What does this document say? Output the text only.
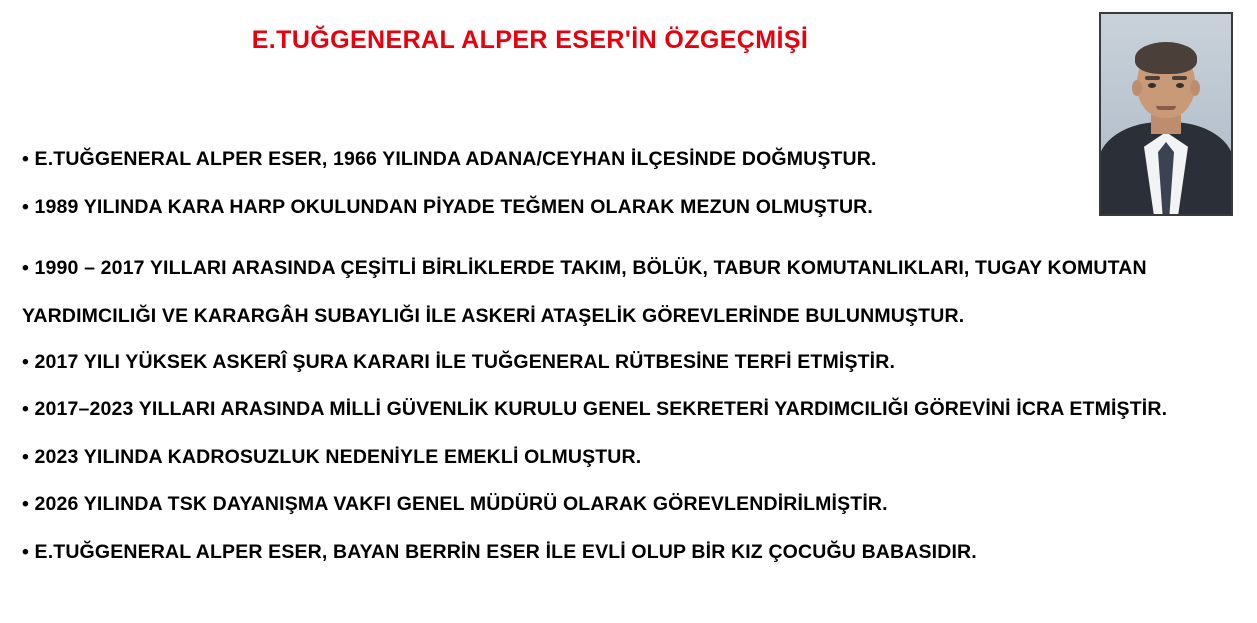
E.TUĞGENERAL ALPER ESER'İN ÖZGEÇMİŞİ
• E.TUĞGENERAL ALPER ESER, 1966 YILINDA ADANA/CEYHAN İLÇESİNDE DOĞMUŞTUR.
• 1989 YILINDA KARA HARP OKULUNDAN PİYADE TEĞMEN OLARAK MEZUN OLMUŞTUR.
• 1990 – 2017 YILLARI ARASINDA ÇEŞİTLİ BİRLİKLERDE TAKIM, BÖLÜK, TABUR KOMUTANLIKLARI, TUGAY KOMUTAN YARDIMCILIĞI VE KARARGÂH SUBAYLIĞI İLE ASKERİ ATAŞELİK GÖREVLERİNDE BULUNMUŞTUR.
• 2017 YILI YÜKSEK ASKERÎ ŞURA KARARI İLE TUĞGENERAL RÜTBESİNE TERFİ ETMİŞTİR.
• 2017–2023 YILLARI ARASINDA MİLLİ GÜVENLİK KURULU GENEL SEKRETERİ YARDIMCILIĞI GÖREVİNİ İCRA ETMİŞTİR.
• 2023 YILINDA KADROSUZLUK NEDENİYLE EMEKLİ OLMUŞTUR.
• 2026 YILINDA TSK DAYANIŞMA VAKFI GENEL MÜDÜRÜ OLARAK GÖREVLENDİRİLMİŞTİR.
• E.TUĞGENERAL ALPER ESER, BAYAN BERRİN ESER İLE EVLİ OLUP BİR KIZ ÇOCUĞU BABASIDIR.
